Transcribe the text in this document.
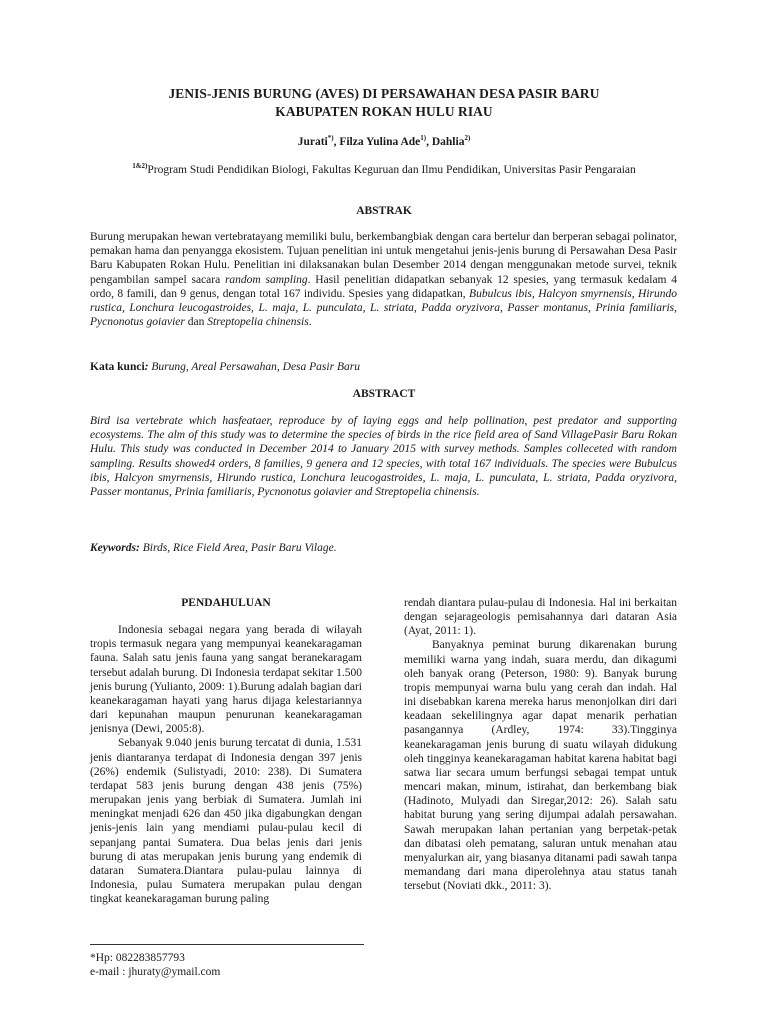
JENIS-JENIS BURUNG (AVES) DI PERSAWAHAN DESA PASIR BARU
KABUPATEN ROKAN HULU RIAU
Jurati*), Filza Yulina Ade$^{1)}$, Dahlia$^{2)}$
$^{1\&2)}$Program Studi Pendidikan Biologi, Fakultas Keguruan dan Ilmu Pendidikan, Universitas Pasir Pengaraian
ABSTRAK

Burung merupakan hewan vertebratayang memiliki bulu, berkembangbiak dengan cara bertelur dan berperan sebagai polinator, pemakan hama dan penyangga ekosistem. Tujuan penelitian ini untuk mengetahui jenis-jenis burung di Persawahan Desa Pasir Baru Kabupaten Rokan Hulu. Penelitian ini dilaksanakan bulan Desember 2014 dengan menggunakan metode survei, teknik pengambilan sampel sacara random sampling. Hasil penelitian didapatkan sebanyak 12 spesies, yang termasuk kedalam 4 ordo, 8 famili, dan 9 genus, dengan total 167 individu. Spesies yang didapatkan, Bubulcus ibis, Halcyon smyrnensis, Hirundo rustica, Lonchura leucogastroides, L. maja, L. punculata, L. striata, Padda oryzivora, Passer montanus, Prinia familiaris, Pycnonotus goiavier dan Streptopelia chinensis.

Kata kunci: Burung, Areal Persawahan, Desa Pasir Baru

ABSTRACT

Bird isa vertebrate which hasfeataer, reproduce by of laying eggs and help pollination, pest predator and supporting ecosystems. The alm of this study was to determine the species of birds in the rice field area of Sand VillagePasir Baru Rokan Hulu. This study was conducted in December 2014 to January 2015 with survey methods. Samples colleceted with random sampling. Results showed4 orders, 8 families, 9 genera and 12 species, with total 167 individuals. The species were Bubulcus ibis, Halcyon smyrnensis, Hirundo rustica, Lonchura leucogastroides, L. maja, L. punculata, L. striata, Padda oryzivora, Passer montanus, Prinia familiaris, Pycnonotus goiavier and Streptopelia chinensis.

Keywords: Birds, Rice Field Area, Pasir Baru Vilage.

PENDAHULUAN

Indonesia sebagai negara yang berada di wilayah tropis termasuk negara yang mempunyai keanekaragaman fauna. Salah satu jenis fauna yang sangat beranekaragam tersebut adalah burung. Di Indonesia terdapat sekitar 1.500 jenis burung (Yulianto, 2009: 1).Burung adalah bagian dari keanekaragaman hayati yang harus dijaga kelestariannya dari kepunahan maupun penurunan keanekaragaman jenisnya (Dewi, 2005:8).

Sebanyak 9.040 jenis burung tercatat di dunia, 1.531 jenis diantaranya terdapat di Indonesia dengan 397 jenis (26%) endemik (Sulistyadi, 2010: 238). Di Sumatera terdapat 583 jenis burung dengan 438 jenis (75%) merupakan jenis yang berbiak di Sumatera. Jumlah ini meningkat menjadi 626 dan 450 jika digabungkan dengan jenis-jenis lain yang mendiami pulau-pulau kecil di sepanjang pantai Sumatera. Dua belas jenis dari jenis burung di atas merupakan jenis burung yang endemik di dataran Sumatera.Diantara pulau-pulau lainnya di Indonesia, pulau Sumatera merupakan pulau dengan tingkat keanekaragaman burung paling

rendah diantara pulau-pulau di Indonesia. Hal ini berkaitan dengan sejarageologis pemisahannya dari dataran Asia (Ayat, 2011: 1).

Banyaknya peminat burung dikarenakan burung memiliki warna yang indah, suara merdu, dan dikagumi oleh banyak orang (Peterson, 1980: 9). Banyak burung tropis mempunyai warna bulu yang cerah dan indah. Hal ini disebabkan karena mereka harus menonjolkan diri dari keadaan sekelilingnya agar dapat menarik perhatian pasangannya (Ardley, 1974: 33).Tingginya keanekaragaman jenis burung di suatu wilayah didukung oleh tingginya keanekaragaman habitat karena habitat bagi satwa liar secara umum berfungsi sebagai tempat untuk mencari makan, minum, istirahat, dan berkembang biak (Hadinoto, Mulyadi dan Siregar,2012: 26). Salah satu habitat burung yang sering dijumpai adalah persawahan. Sawah merupakan lahan pertanian yang berpetak-petak dan dibatasi oleh pematang, saluran untuk menahan atau menyalurkan air, yang biasanya ditanami padi sawah tanpa memandang dari mana diperolehnya atau status tanah tersebut (Noviati dkk., 2011: 3).

*Hp: 082283857793
e-mail : jhuraty@ymail.com
